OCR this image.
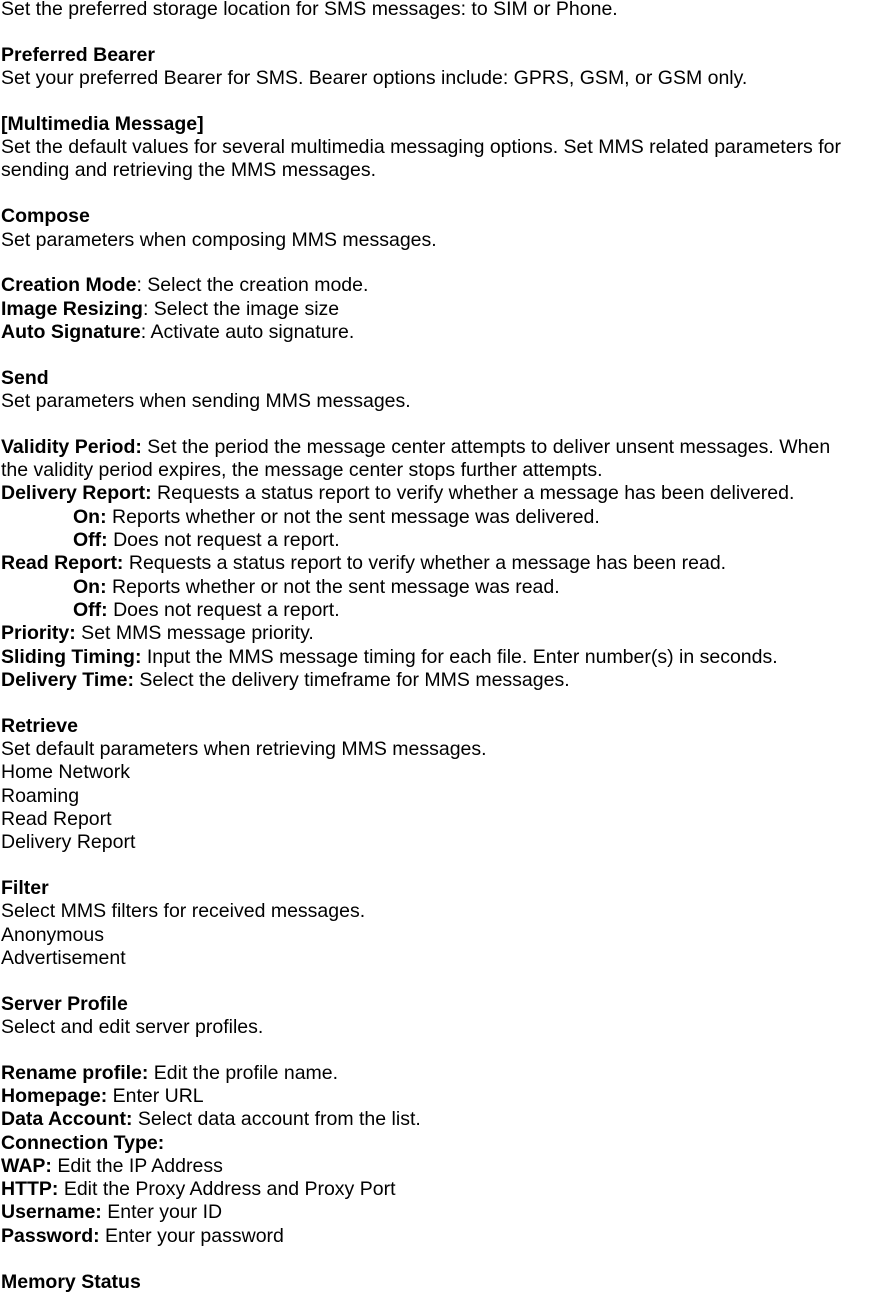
Set the preferred storage location for SMS messages: to SIM or Phone.
Preferred Bearer
Set your preferred Bearer for SMS. Bearer options include: GPRS, GSM, or GSM only.
[Multimedia Message]
Set the default values for several multimedia messaging options. Set MMS related parameters for
sending and retrieving the MMS messages.
Compose
Set parameters when composing MMS messages.
Creation Mode: Select the creation mode.
Image Resizing: Select the image size
Auto Signature: Activate auto signature.
Send
Set parameters when sending MMS messages.
Validity Period: Set the period the message center attempts to deliver unsent messages. When
the validity period expires, the message center stops further attempts.
Delivery Report: Requests a status report to verify whether a message has been delivered.
On: Reports whether or not the sent message was delivered.
Off: Does not request a report.
Read Report: Requests a status report to verify whether a message has been read.
On: Reports whether or not the sent message was read.
Off: Does not request a report.
Priority: Set MMS message priority.
Sliding Timing: Input the MMS message timing for each file. Enter number(s) in seconds.
Delivery Time: Select the delivery timeframe for MMS messages.
Retrieve
Set default parameters when retrieving MMS messages.
Home Network
Roaming
Read Report
Delivery Report
Filter
Select MMS filters for received messages.
Anonymous
Advertisement
Server Profile
Select and edit server profiles.
Rename profile: Edit the profile name.
Homepage: Enter URL
Data Account: Select data account from the list.
Connection Type:
WAP: Edit the IP Address
HTTP: Edit the Proxy Address and Proxy Port
Username: Enter your ID
Password: Enter your password
Memory Status
